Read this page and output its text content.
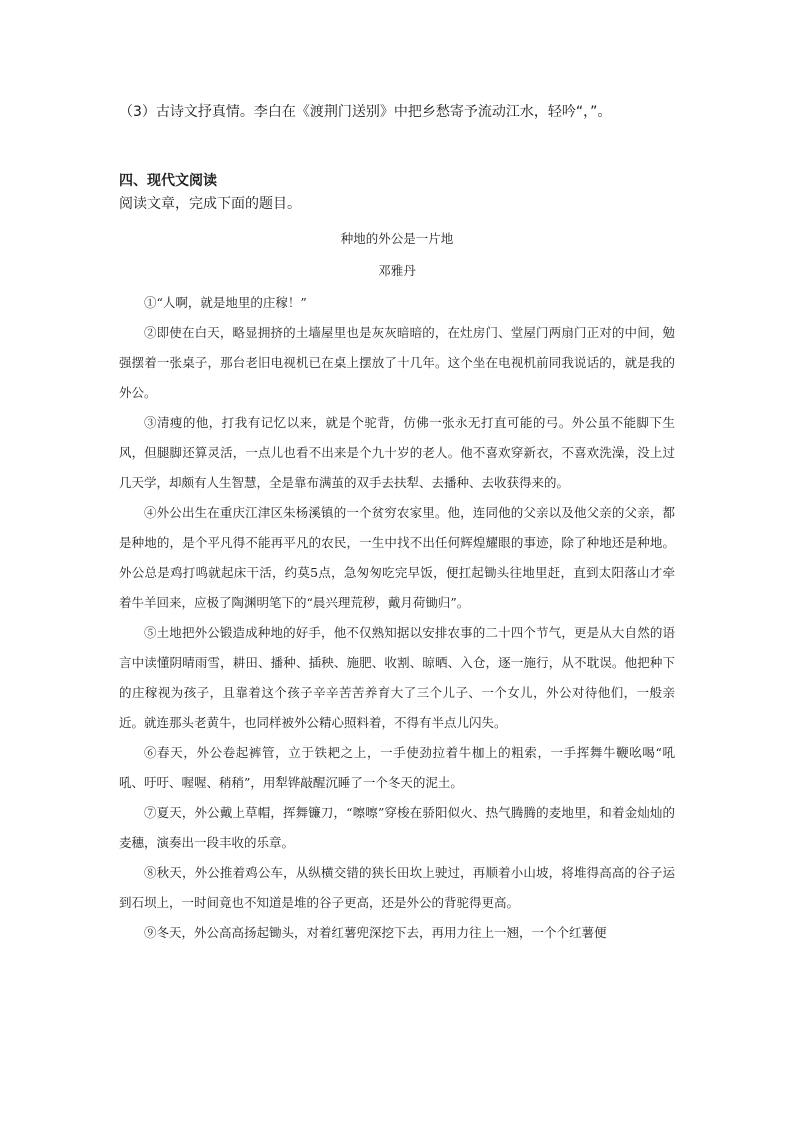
（3）古诗文抒真情。李白在《渡荆门送别》中把乡愁寄予流动江水，轻吟“，”。
四、现代文阅读
阅读文章，完成下面的题目。
种地的外公是一片地
邓雅丹

①“人啊，就是地里的庄稼！”

②即使在白天，略显拥挤的土墙屋里也是灰灰暗暗的，在灶房门、堂屋门两扇门正对的中间，勉强摆着一张桌子，那台老旧电视机已在桌上摆放了十几年。这个坐在电视机前同我说话的，就是我的外公。

③清瘦的他，打我有记忆以来，就是个驼背，仿佛一张永无打直可能的弓。外公虽不能脚下生风，但腿脚还算灵活，一点儿也看不出来是个九十岁的老人。他不喜欢穿新衣，不喜欢洗澡，没上过几天学，却颇有人生智慧，全是靠布满茧的双手去扶犁、去播种、去收获得来的。

④外公出生在重庆江津区朱杨溪镇的一个贫穷农家里。他，连同他的父亲以及他父亲的父亲，都是种地的，是个平凡得不能再平凡的农民，一生中找不出任何辉煌耀眼的事迹，除了种地还是种地。外公总是鸡打鸣就起床干活，约莫5点，急匆匆吃完早饭，便扛起锄头往地里赶，直到太阳落山才牵着牛羊回来，应极了陶渊明笔下的“晨兴理荒秽，戴月荷锄归”。

⑤土地把外公锻造成种地的好手，他不仅熟知据以安排农事的二十四个节气，更是从大自然的语言中读懂阴晴雨雪，耕田、播种、插秧、施肥、收割、晾晒、入仓，逐一施行，从不耽误。他把种下的庄稼视为孩子，且靠着这个孩子辛辛苦苦养育大了三个儿子、一个女儿，外公对待他们，一般亲近。就连那头老黄牛，也同样被外公精心照料着，不得有半点儿闪失。

⑥春天，外公卷起裤管，立于铁耙之上，一手使劲拉着牛枷上的粗索，一手挥舞牛鞭吆喝“吼吼、吁吁、喔喔、稍稍”，用犁铧敲醒沉睡了一个冬天的泥土。

⑦夏天，外公戴上草帽，挥舞镰刀，“嚓嚓”穿梭在骄阳似火、热气腾腾的麦地里，和着金灿灿的麦穗，演奏出一段丰收的乐章。

⑧秋天，外公推着鸡公车，从纵横交错的狭长田坎上驶过，再顺着小山坡，将堆得高高的谷子运到石坝上，一时间竟也不知道是堆的谷子更高，还是外公的背驼得更高。

⑨冬天，外公高高扬起锄头，对着红薯兜深挖下去，再用力往上一翘，一个个红薯便
